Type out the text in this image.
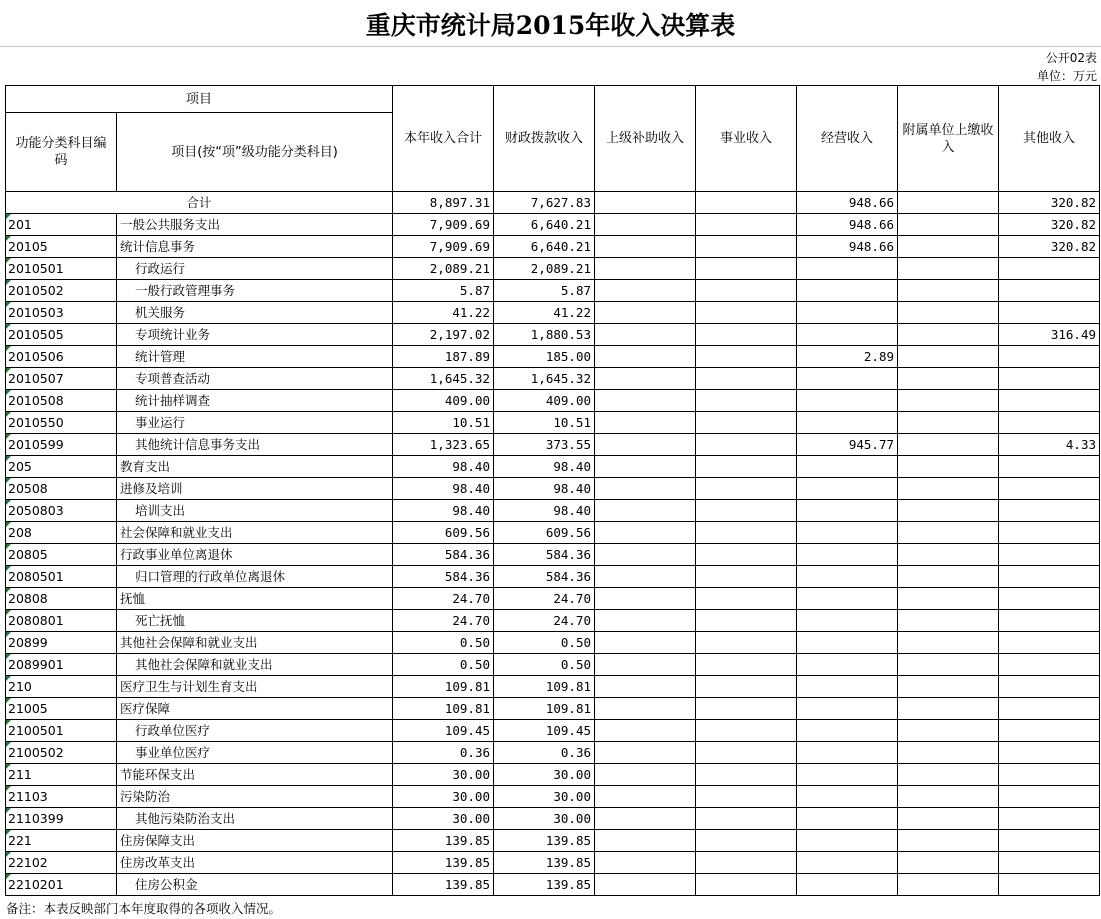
重庆市统计局2015年收入决算表
公开02表
单位：万元
项目		本年收入合计	财政拨款收入	上级补助收入	事业收入	经营收入	附属单位上缴收入	其他收入
功能分类科目编码	项目(按“项”级功能分类科目)							
合计		8,897.31	7,627.83			948.66		320.82
201	一般公共服务支出	7,909.69	6,640.21			948.66		320.82
20105	统计信息事务	7,909.69	6,640.21			948.66		320.82
2010501	行政运行	2,089.21	2,089.21					
2010502	一般行政管理事务	5.87	5.87					
2010503	机关服务	41.22	41.22					
2010505	专项统计业务	2,197.02	1,880.53					316.49
2010506	统计管理	187.89	185.00			2.89		
2010507	专项普查活动	1,645.32	1,645.32					
2010508	统计抽样调查	409.00	409.00					
2010550	事业运行	10.51	10.51					
2010599	其他统计信息事务支出	1,323.65	373.55			945.77		4.33
205	教育支出	98.40	98.40					
20508	进修及培训	98.40	98.40					
2050803	培训支出	98.40	98.40					
208	社会保障和就业支出	609.56	609.56					
20805	行政事业单位离退休	584.36	584.36					
2080501	归口管理的行政单位离退休	584.36	584.36					
20808	抚恤	24.70	24.70					
2080801	死亡抚恤	24.70	24.70					
20899	其他社会保障和就业支出	0.50	0.50					
2089901	其他社会保障和就业支出	0.50	0.50					
210	医疗卫生与计划生育支出	109.81	109.81					
21005	医疗保障	109.81	109.81					
2100501	行政单位医疗	109.45	109.45					
2100502	事业单位医疗	0.36	0.36					
211	节能环保支出	30.00	30.00					
21103	污染防治	30.00	30.00					
2110399	其他污染防治支出	30.00	30.00					
221	住房保障支出	139.85	139.85					
22102	住房改革支出	139.85	139.85					
2210201	住房公积金	139.85	139.85					
备注：本表反映部门本年度取得的各项收入情况。
